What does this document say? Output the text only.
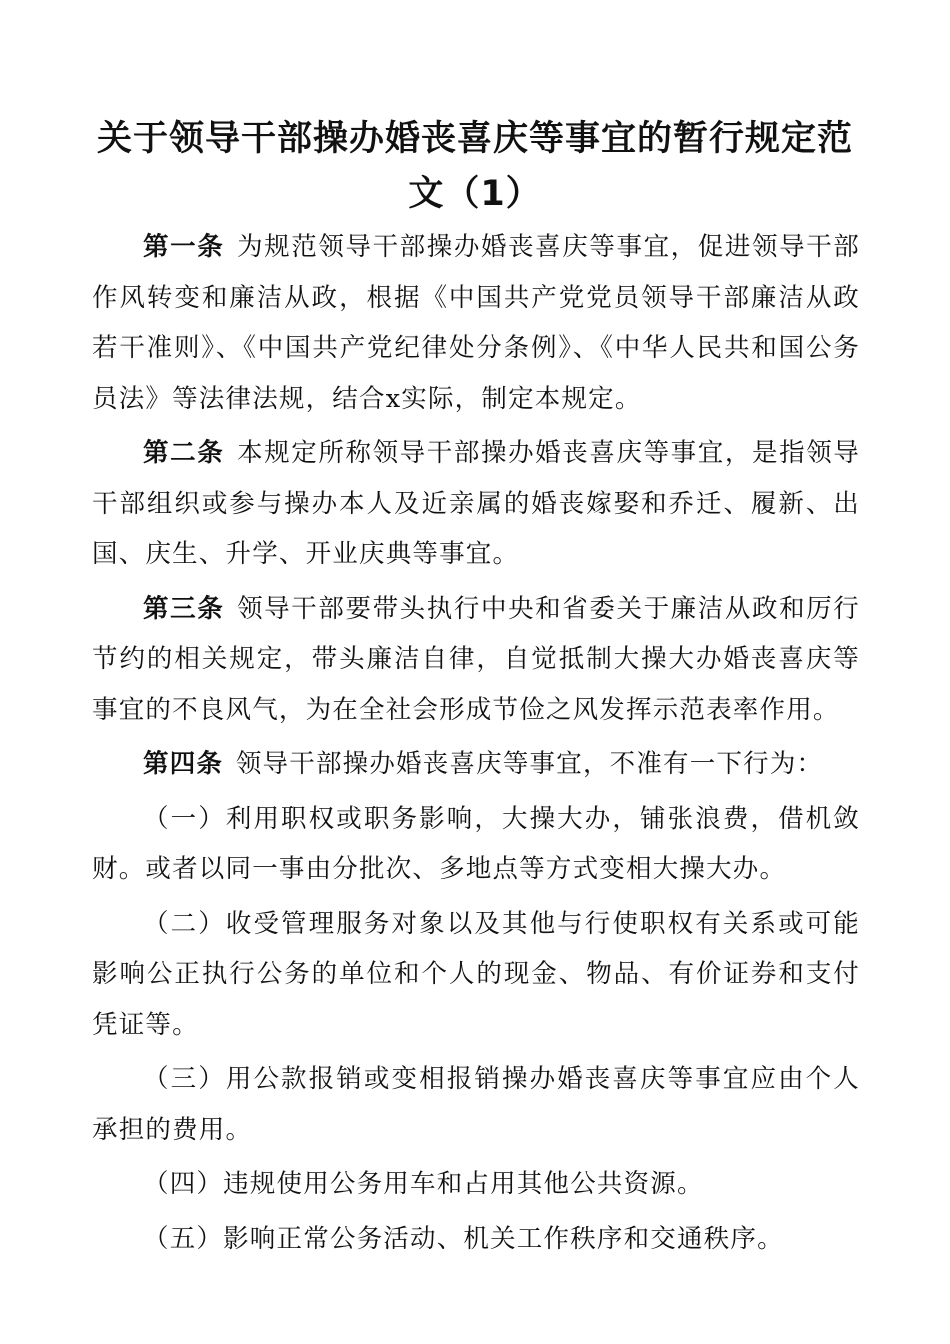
关于领导干部操办婚丧喜庆等事宜的暂行规定范文（1）

第一条 为规范领导干部操办婚丧喜庆等事宜，促进领导干部作风转变和廉洁从政，根据《中国共产党党员领导干部廉洁从政若干准则》、《中国共产党纪律处分条例》、《中华人民共和国公务员法》等法律法规，结合x实际，制定本规定。

第二条 本规定所称领导干部操办婚丧喜庆等事宜，是指领导干部组织或参与操办本人及近亲属的婚丧嫁娶和乔迁、履新、出国、庆生、升学、开业庆典等事宜。

第三条 领导干部要带头执行中央和省委关于廉洁从政和厉行节约的相关规定，带头廉洁自律，自觉抵制大操大办婚丧喜庆等事宜的不良风气，为在全社会形成节俭之风发挥示范表率作用。

第四条 领导干部操办婚丧喜庆等事宜，不准有一下行为：

（一）利用职权或职务影响，大操大办，铺张浪费，借机敛财。或者以同一事由分批次、多地点等方式变相大操大办。

（二）收受管理服务对象以及其他与行使职权有关系或可能影响公正执行公务的单位和个人的现金、物品、有价证券和支付凭证等。

（三）用公款报销或变相报销操办婚丧喜庆等事宜应由个人承担的费用。

（四）违规使用公务用车和占用其他公共资源。

（五）影响正常公务活动、机关工作秩序和交通秩序。
